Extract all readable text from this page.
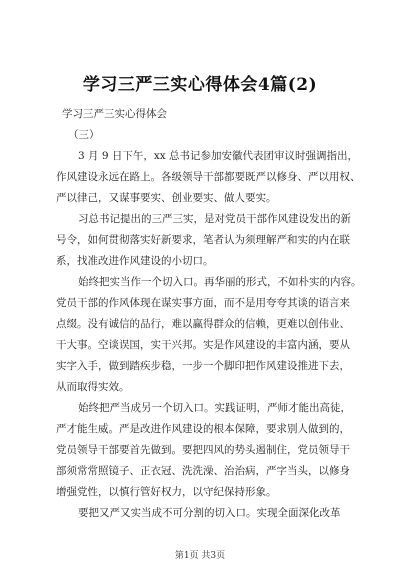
学习三严三实心得体会4篇(2)
学习三严三实心得体会
（三）
3 月 9 日下午，xx 总书记参加安徽代表团审议时强调指出，
作风建设永远在路上。各级领导干部都要既严以修身、严以用权、
严以律己，又谋事要实、创业要实、做人要实。
习总书记提出的三严三实，是对党员干部作风建设发出的新
号令，如何贯彻落实好新要求，笔者认为须理解严和实的内在联
系，找准改进作风建设的小切口。
始终把实当作一个切入口。再华丽的形式，不如朴实的内容。
党员干部的作风体现在谋实事方面，而不是用夸夸其谈的语言来
点缀。没有诚信的品行，难以赢得群众的信赖，更难以创伟业、
干大事。空谈误国，实干兴邦。实是作风建设的丰富内涵，要从
实字入手，做到踏疾步稳，一步一个脚印把作风建设推进下去，
从而取得实效。
始终把严当成另一个切入口。实践证明，严师才能出高徒，
严才能生威。严是改进作风建设的根本保障，要求别人做到的，
党员领导干部要首先做到。要把四风的势头遏制住，党员领导干
部须常常照镜子、正衣冠、洗洗澡、治治病，严字当头，以修身
增强党性，以慎行管好权力，以守纪保持形象。
要把又严又实当成不可分割的切入口。实现全面深化改革
第1页 共3页
